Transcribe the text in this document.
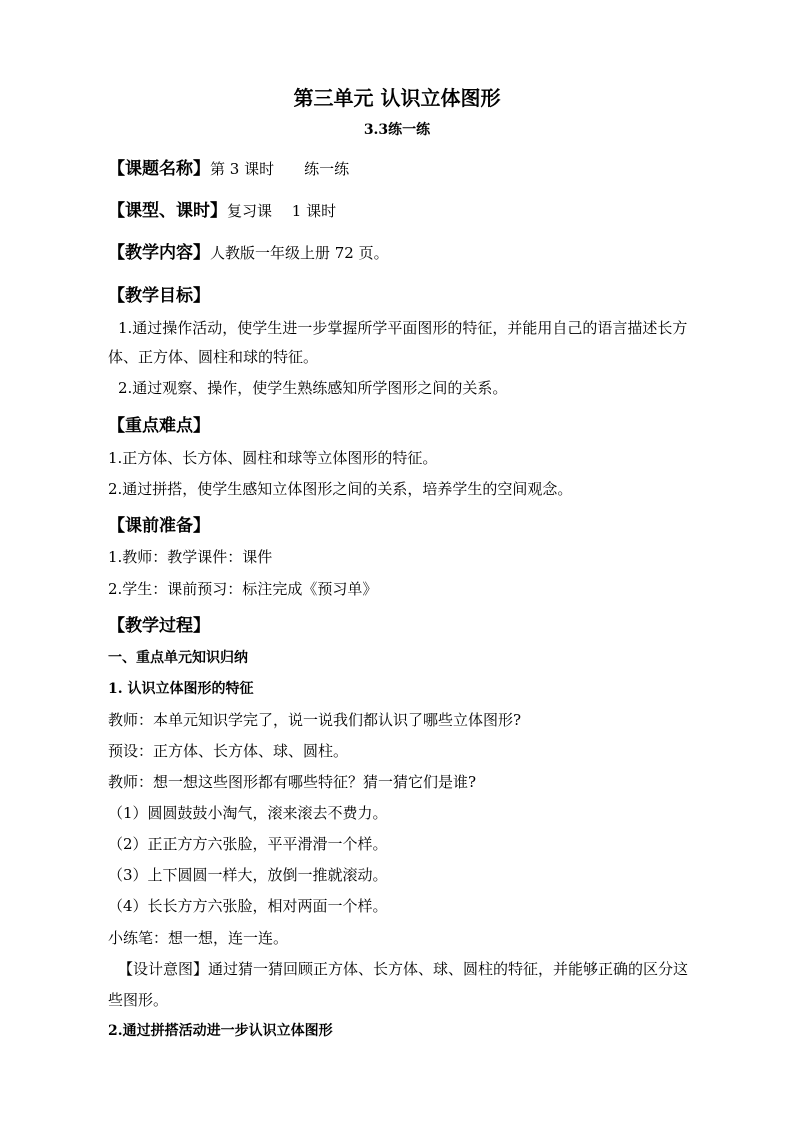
第三单元 认识立体图形
3.3练一练
【课题名称】第 3 课时　　练一练
【课型、课时】复习课　 1 课时
【教学内容】人教版一年级上册 72 页。
【教学目标】
1.通过操作活动，使学生进一步掌握所学平面图形的特征，并能用自己的语言描述长方
体、正方体、圆柱和球的特征。
2.通过观察、操作，使学生熟练感知所学图形之间的关系。
【重点难点】
1.正方体、长方体、圆柱和球等立体图形的特征。
2.通过拼搭，使学生感知立体图形之间的关系，培养学生的空间观念。
【课前准备】
1.教师：教学课件：课件
2.学生：课前预习：标注完成《预习单》
【教学过程】
一、重点单元知识归纳
1. 认识立体图形的特征
教师：本单元知识学完了，说一说我们都认识了哪些立体图形?
预设：正方体、长方体、球、圆柱。
教师：想一想这些图形都有哪些特征？猜一猜它们是谁?
（1）圆圆鼓鼓小淘气，滚来滚去不费力。
（2）正正方方六张脸，平平滑滑一个样。
（3）上下圆圆一样大，放倒一推就滚动。
（4）长长方方六张脸，相对两面一个样。
小练笔：想一想，连一连。
【设计意图】通过猜一猜回顾正方体、长方体、球、圆柱的特征，并能够正确的区分这
些图形。
2.通过拼搭活动进一步认识立体图形
